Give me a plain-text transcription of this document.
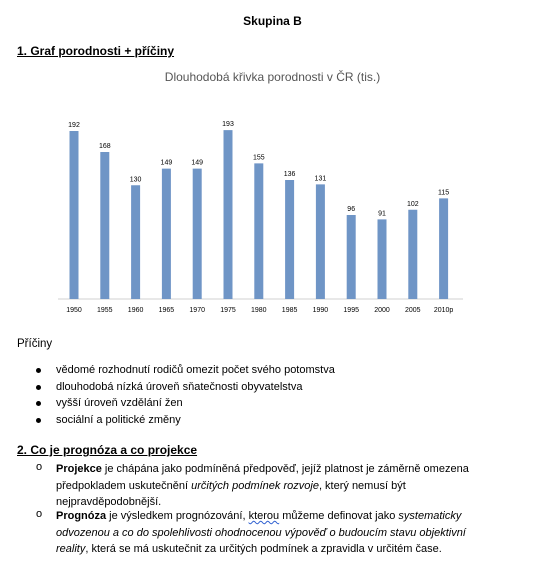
Skupina B
1. Graf porodnosti + příčiny
Dlouhodobá křivka porodnosti v ČR (tis.)
192
1950
168
1955
130
1960
149
1965
149
1970
193
1975
155
1980
136
1985
131
1990
96
1995
91
2000
102
2005
115
2010p
Příčiny
vědomé rozhodnutí rodičů omezit počet svého potomstva
dlouhodobá nízká úroveň sňatečnosti obyvatelstva
vyšší úroveň vzdělání žen
sociální a politické změny
2. Co je prognóza a co projekce
o Projekce je chápána jako podmíněná předpověď, jejíž platnost je záměrně omezena předpokladem uskutečnění určitých podmínek rozvoje, který nemusí být nejpravděpodobnější.
o Prognóza je výsledkem prognózování, kterou můžeme definovat jako systematicky odvozenou a co do spolehlivosti ohodnocenou výpověď o budoucím stavu objektivní reality, která se má uskutečnit za určitých podmínek a zpravidla v určitém čase.
